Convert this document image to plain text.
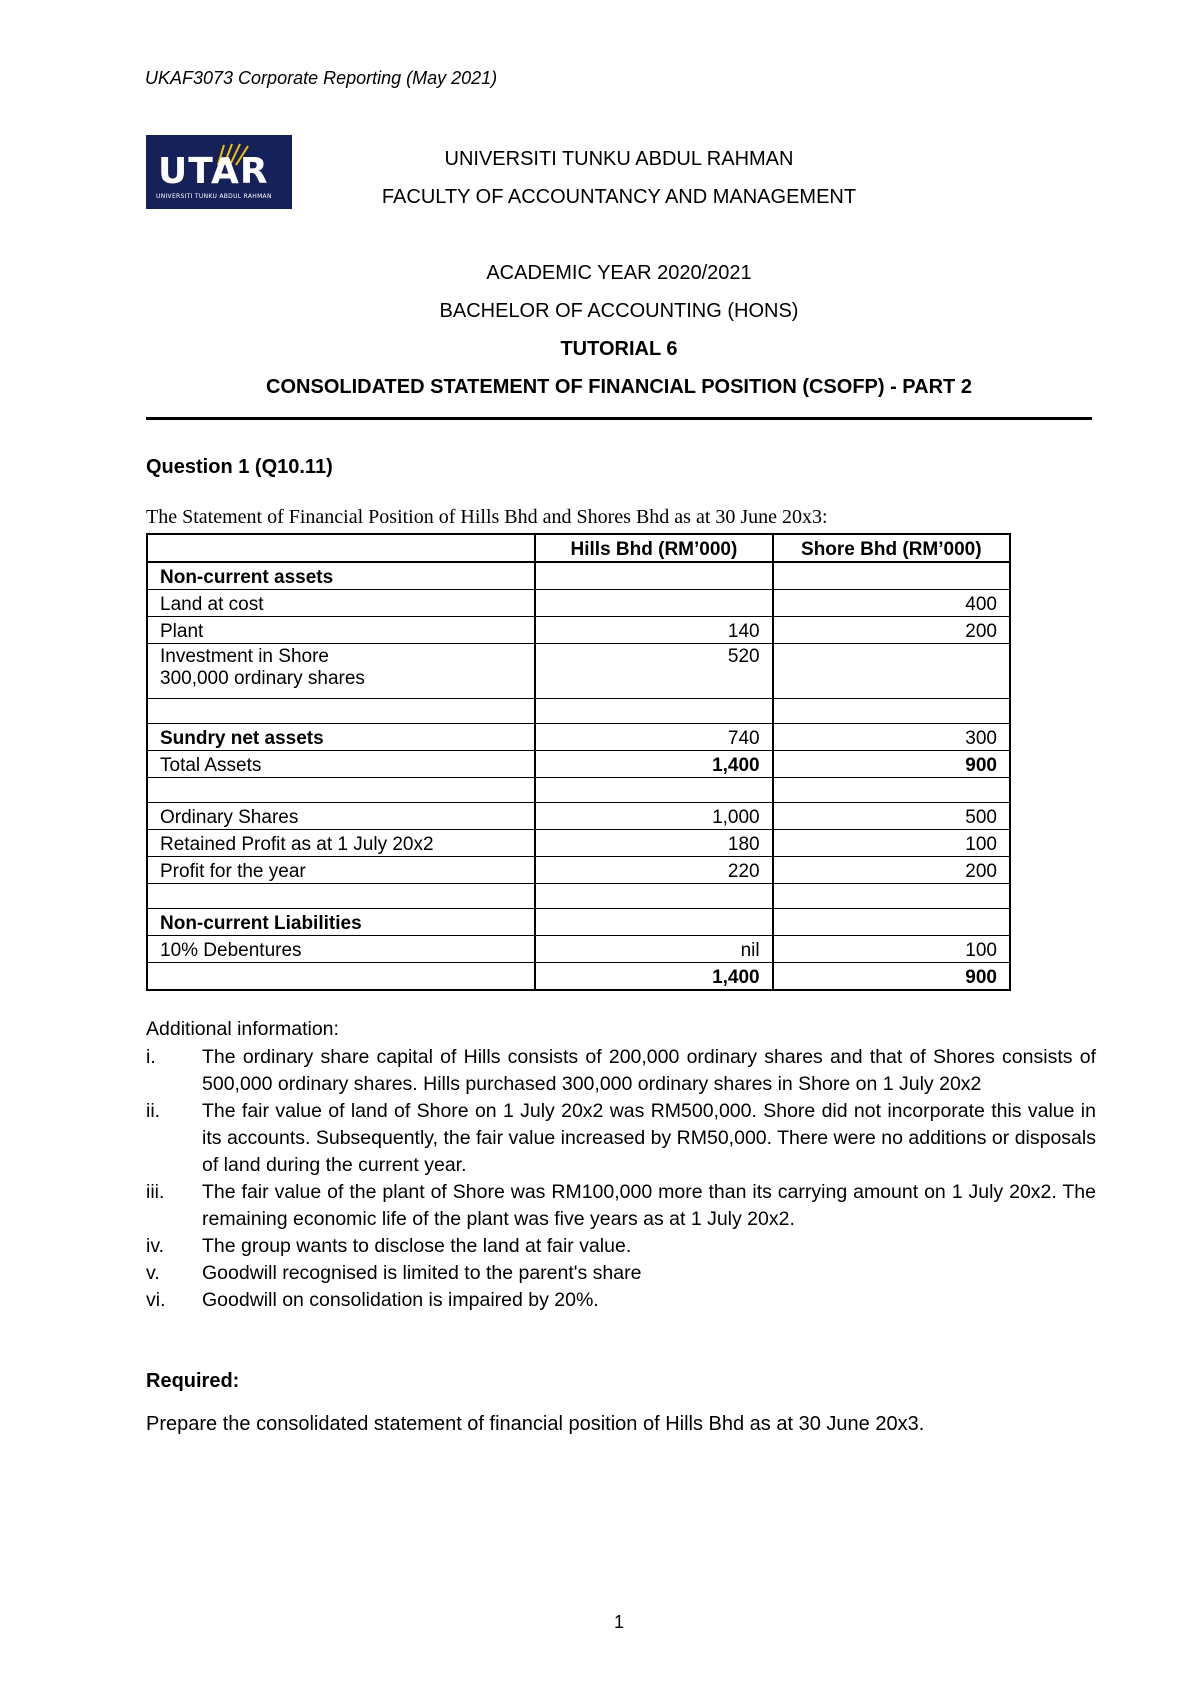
UKAF3073 Corporate Reporting (May 2021)
UTAR
UNIVERSITI TUNKU ABDUL RAHMAN
UNIVERSITI TUNKU ABDUL RAHMAN
FACULTY OF ACCOUNTANCY AND MANAGEMENT
ACADEMIC YEAR 2020/2021
BACHELOR OF ACCOUNTING (HONS)
TUTORIAL 6
CONSOLIDATED STATEMENT OF FINANCIAL POSITION (CSOFP) - PART 2
Question 1 (Q10.11)
The Statement of Financial Position of Hills Bhd and Shores Bhd as at 30 June 20x3:
	Hills Bhd (RM’000)	Shore Bhd (RM’000)
Non-current assets		
Land at cost		400
Plant	140	200

Investment in Shore
300,000 ordinary shares	520	

Sundry net assets	740	300
Total Assets	1,400	900

Ordinary Shares	1,000	500
Retained Profit as at 1 July 20x2	180	100
Profit for the year	220	200

Non-current Liabilities		
10% Debentures	nil	100
	1,400	900
Additional information:
i.	The ordinary share capital of Hills consists of 200,000 ordinary shares and that of Shores consists of 500,000 ordinary shares. Hills purchased 300,000 ordinary shares in Shore on 1 July 20x2
ii.	The fair value of land of Shore on 1 July 20x2 was RM500,000. Shore did not incorporate this value in its accounts. Subsequently, the fair value increased by RM50,000. There were no additions or disposals of land during the current year.
iii.	The fair value of the plant of Shore was RM100,000 more than its carrying amount on 1 July 20x2. The remaining economic life of the plant was five years as at 1 July 20x2.
iv.	The group wants to disclose the land at fair value.
v.	Goodwill recognised is limited to the parent's share
vi.	Goodwill on consolidation is impaired by 20%.
Required:
Prepare the consolidated statement of financial position of Hills Bhd as at 30 June 20x3.
1
